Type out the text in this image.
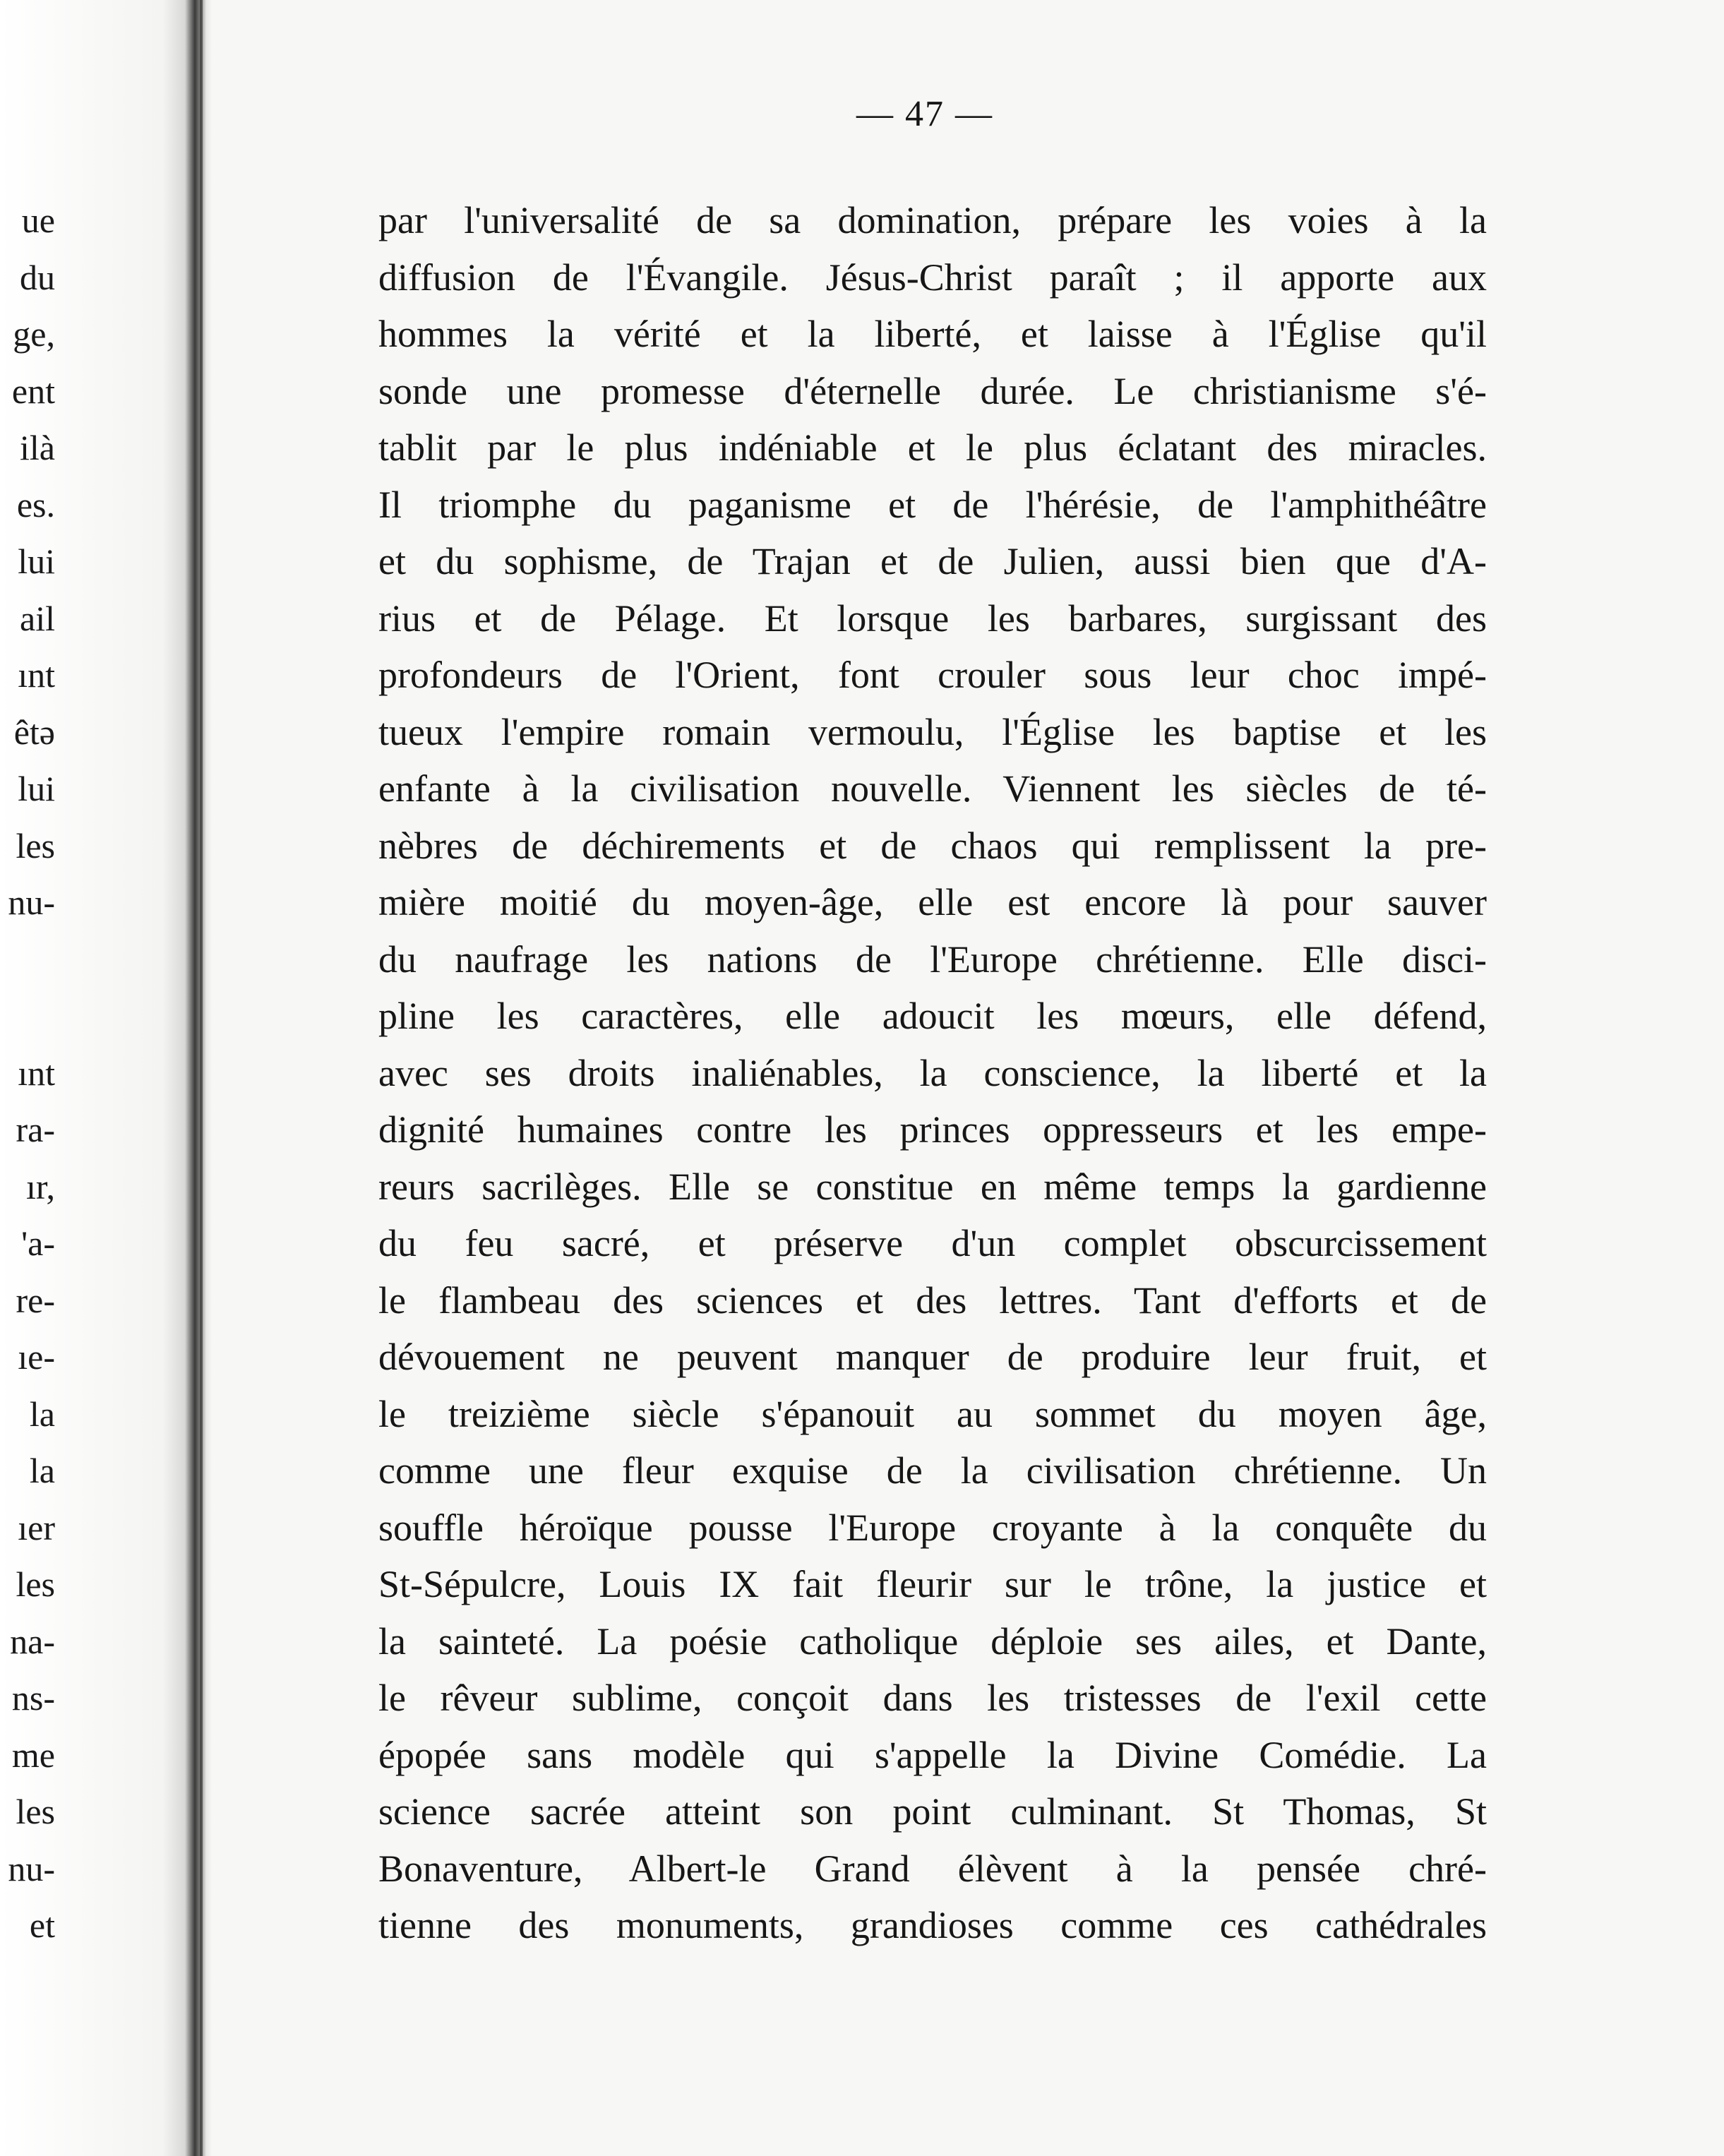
ue
du
ge,
ent
ilà
es.
lui
ail
ınt
êtə
lui
les
nu-
ınt
ra-
ır,
'a-
re-
ıe-
la
la
ıer
les
na-
ns-
me
les
nu-
et
— 47 —
par l'universalité de sa domination, prépare les voies à la
diffusion de l'Évangile. Jésus-Christ paraît ; il apporte aux
hommes la vérité et la liberté, et laisse à l'Église qu'il
sonde une promesse d'éternelle durée. Le christianisme s'é-
tablit par le plus indéniable et le plus éclatant des miracles.
Il triomphe du paganisme et de l'hérésie, de l'amphithéâtre
et du sophisme, de Trajan et de Julien, aussi bien que d'A-
rius et de Pélage. Et lorsque les barbares, surgissant des
profondeurs de l'Orient, font crouler sous leur choc impé-
tueux l'empire romain vermoulu, l'Église les baptise et les
enfante à la civilisation nouvelle. Viennent les siècles de té-
nèbres de déchirements et de chaos qui remplissent la pre-
mière moitié du moyen-âge, elle est encore là pour sauver
du naufrage les nations de l'Europe chrétienne. Elle disci-
pline les caractères, elle adoucit les mœurs, elle défend,
avec ses droits inaliénables, la conscience, la liberté et la
dignité humaines contre les princes oppresseurs et les empe-
reurs sacrilèges. Elle se constitue en même temps la gardienne
du feu sacré, et préserve d'un complet obscurcissement
le flambeau des sciences et des lettres. Tant d'efforts et de
dévouement ne peuvent manquer de produire leur fruit, et
le treizième siècle s'épanouit au sommet du moyen âge,
comme une fleur exquise de la civilisation chrétienne. Un
souffle héroïque pousse l'Europe croyante à la conquête du
St-Sépulcre, Louis IX fait fleurir sur le trône, la justice et
la sainteté. La poésie catholique déploie ses ailes, et Dante,
le rêveur sublime, conçoit dans les tristesses de l'exil cette
épopée sans modèle qui s'appelle la Divine Comédie. La
science sacrée atteint son point culminant. St Thomas, St
Bonaventure, Albert-le Grand élèvent à la pensée chré-
tienne des monuments, grandioses comme ces cathédrales
